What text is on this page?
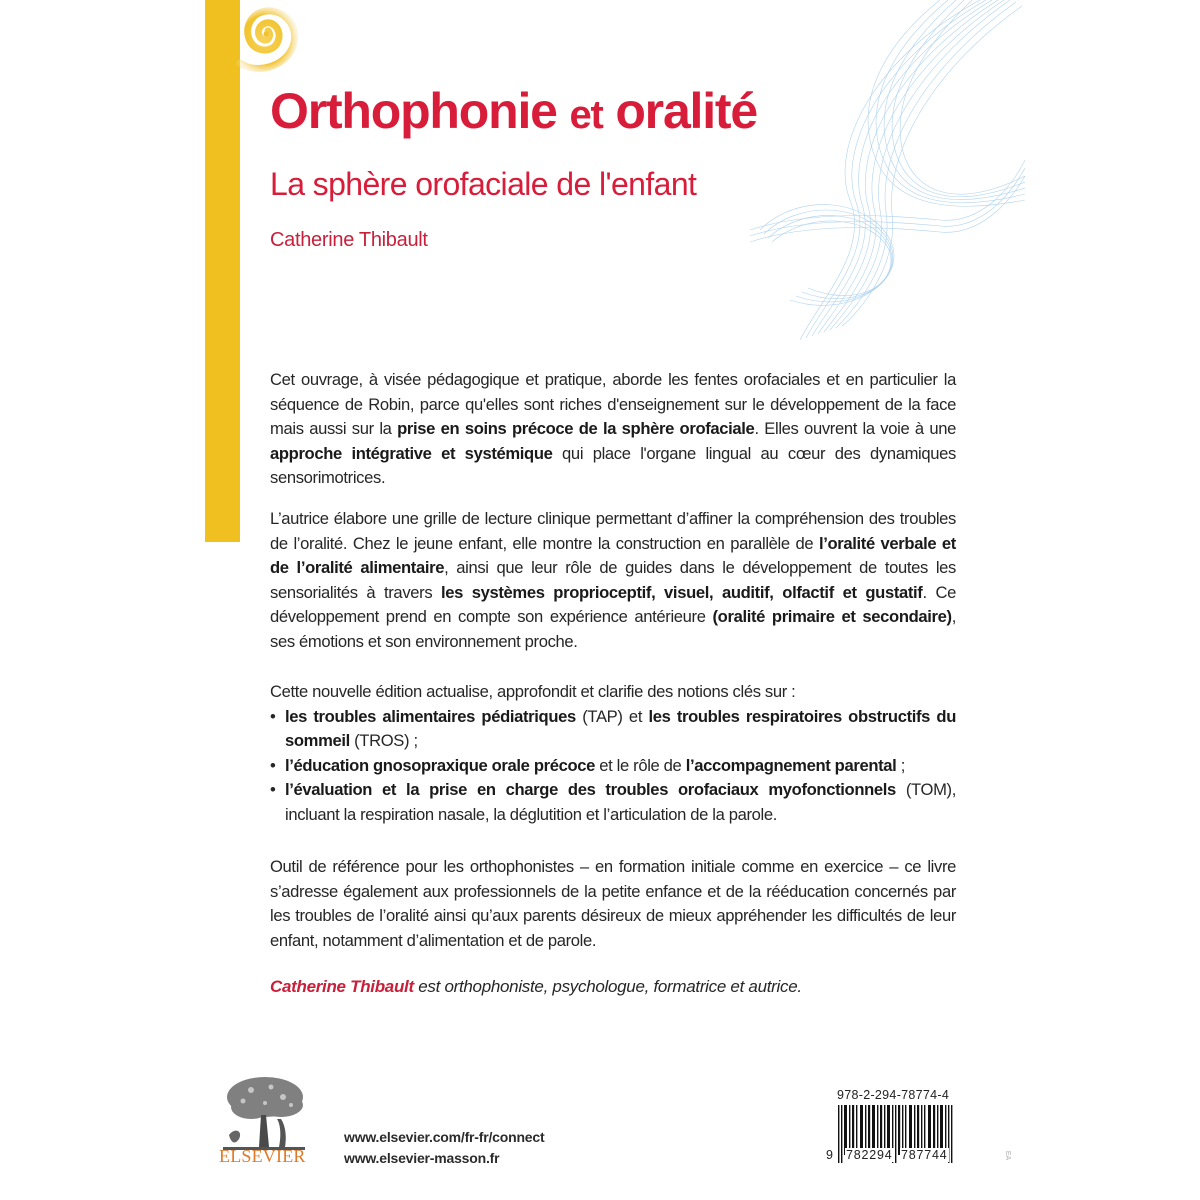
ORTHOPHONIE
Orthophonie et oralité
La sphère orofaciale de l'enfant
Catherine Thibault
Cet ouvrage, à visée pédagogique et pratique, aborde les fentes orofaciales et en particulier la séquence de Robin, parce qu'elles sont riches d'enseignement sur le développement de la face mais aussi sur la prise en soins précoce de la sphère orofaciale. Elles ouvrent la voie à une approche intégrative et systémique qui place l'organe lingual au cœur des dynamiques sensorimotrices.
L’autrice élabore une grille de lecture clinique permettant d’affiner la compréhension des troubles de l’oralité. Chez le jeune enfant, elle montre la construction en parallèle de l’oralité verbale et de l’oralité alimentaire, ainsi que leur rôle de guides dans le développement de toutes les sensorialités à travers les systèmes proprioceptif, visuel, auditif, olfactif et gustatif. Ce développement prend en compte son expérience antérieure (oralité primaire et secondaire), ses émotions et son environnement proche.
Cette nouvelle édition actualise, approfondit et clarifie des notions clés sur :
• les troubles alimentaires pédiatriques (TAP) et les troubles respiratoires obstructifs du sommeil (TROS) ;
• l’éducation gnosopraxique orale précoce et le rôle de l’accompagnement parental ;
• l’évaluation et la prise en charge des troubles orofaciaux myofonctionnels (TOM), incluant la respiration nasale, la déglutition et l’articulation de la parole.
Outil de référence pour les orthophonistes – en formation initiale comme en exercice – ce livre s’adresse également aux professionnels de la petite enfance et de la rééducation concernés par les troubles de l’oralité ainsi qu’aux parents désireux de mieux appréhender les difficultés de leur enfant, notamment d’alimentation et de parole.
Catherine Thibault est orthophoniste, psychologue, formatrice et autrice.
ELSEVIER
www.elsevier.com/fr-fr/connect
www.elsevier-masson.fr
978-2-294-78774-4
9 782294 787744	EA
